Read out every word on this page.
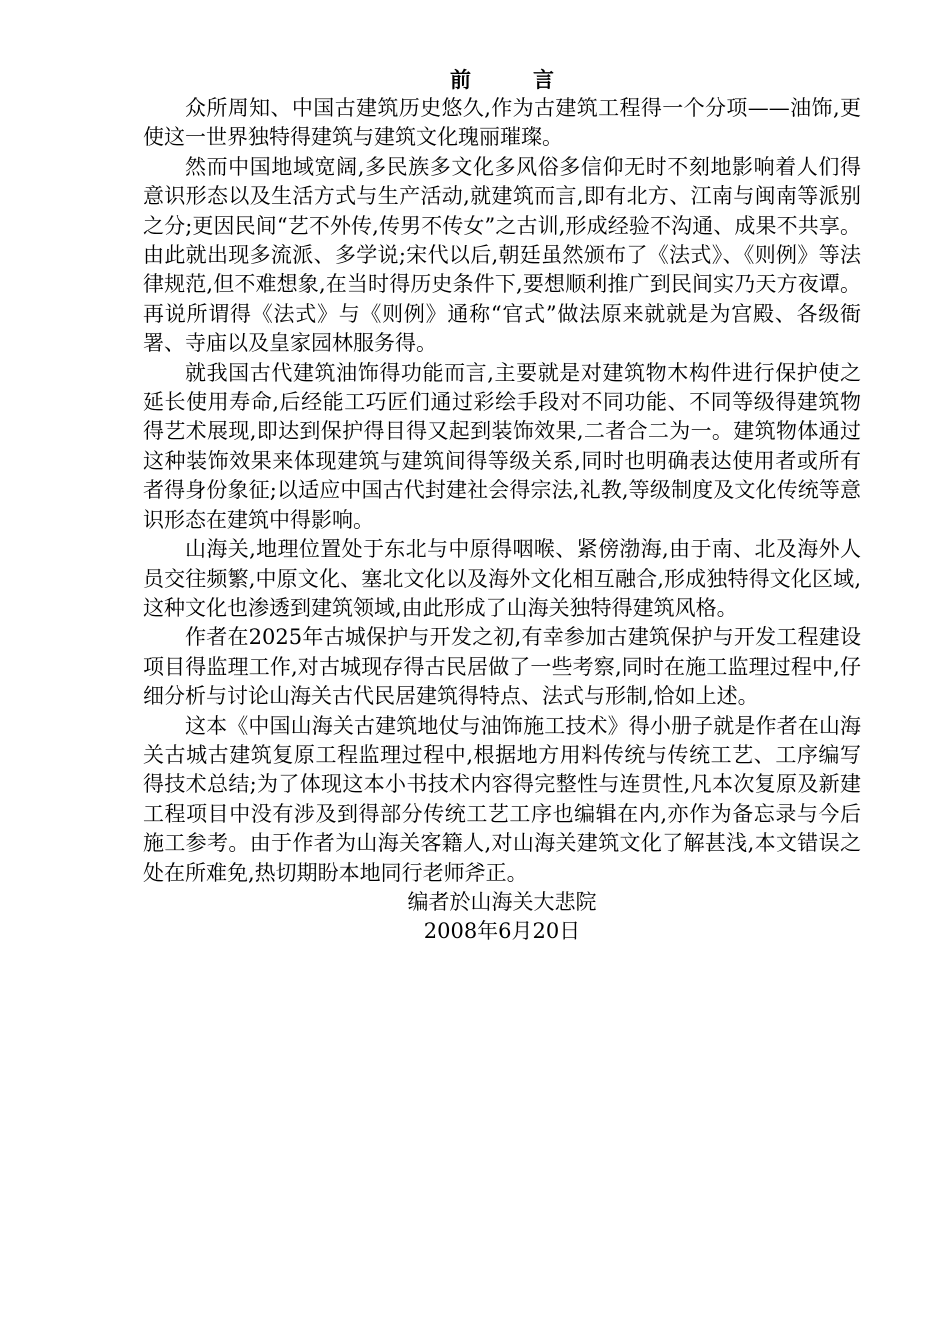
前言

众所周知、中国古建筑历史悠久,作为古建筑工程得一个分项——油饰,更使这一世界独特得建筑与建筑文化瑰丽璀璨。

然而中国地域宽阔,多民族多文化多风俗多信仰无时不刻地影响着人们得意识形态以及生活方式与生产活动,就建筑而言,即有北方、江南与闽南等派别之分;更因民间“艺不外传,传男不传女”之古训,形成经验不沟通、成果不共享。由此就出现多流派、多学说;宋代以后,朝廷虽然颁布了《法式》、《则例》等法律规范,但不难想象,在当时得历史条件下,要想顺利推广到民间实乃天方夜谭。再说所谓得《法式》与《则例》通称“官式”做法原来就就是为宫殿、各级衙署、寺庙以及皇家园林服务得。

就我国古代建筑油饰得功能而言,主要就是对建筑物木构件进行保护使之延长使用寿命,后经能工巧匠们通过彩绘手段对不同功能、不同等级得建筑物得艺术展现,即达到保护得目得又起到装饰效果,二者合二为一。建筑物体通过这种装饰效果来体现建筑与建筑间得等级关系,同时也明确表达使用者或所有者得身份象征;以适应中国古代封建社会得宗法,礼教,等级制度及文化传统等意识形态在建筑中得影响。

山海关,地理位置处于东北与中原得咽喉、紧傍渤海,由于南、北及海外人员交往频繁,中原文化、塞北文化以及海外文化相互融合,形成独特得文化区域,这种文化也渗透到建筑领域,由此形成了山海关独特得建筑风格。

作者在2025年古城保护与开发之初,有幸参加古建筑保护与开发工程建设项目得监理工作,对古城现存得古民居做了一些考察,同时在施工监理过程中,仔细分析与讨论山海关古代民居建筑得特点、法式与形制,恰如上述。

这本《中国山海关古建筑地仗与油饰施工技术》得小册子就是作者在山海关古城古建筑复原工程监理过程中,根据地方用料传统与传统工艺、工序编写得技术总结;为了体现这本小书技术内容得完整性与连贯性,凡本次复原及新建工程项目中没有涉及到得部分传统工艺工序也编辑在内,亦作为备忘录与今后施工参考。由于作者为山海关客籍人,对山海关建筑文化了解甚浅,本文错误之处在所难免,热切期盼本地同行老师斧正。

编者於山海关大悲院

2008年6月20日
